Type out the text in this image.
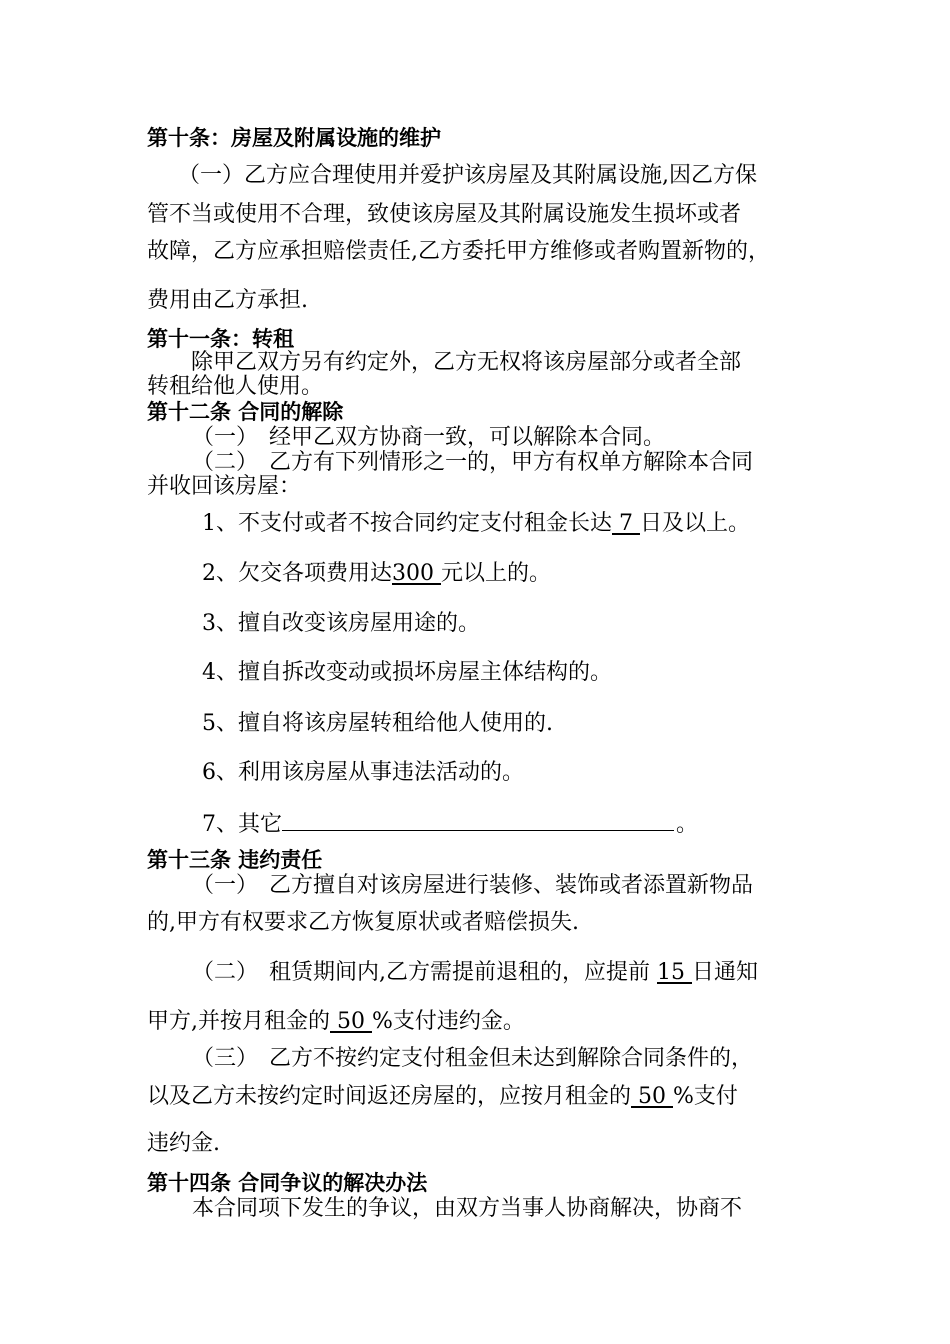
第十条：房屋及附属设施的维护
（一）乙方应合理使用并爱护该房屋及其附属设施,因乙方保
管不当或使用不合理，致使该房屋及其附属设施发生损坏或者
故障，乙方应承担赔偿责任,乙方委托甲方维修或者购置新物的，
费用由乙方承担.
第十一条：转租
除甲乙双方另有约定外，乙方无权将该房屋部分或者全部
转租给他人使用。
第十二条 合同的解除
（一）　经甲乙双方协商一致，可以解除本合同。
（二）　乙方有下列情形之一的，甲方有权单方解除本合同
并收回该房屋：
1、不支付或者不按合同约定支付租金长达 7 日及以上。
2、欠交各项费用达300 元以上的。
3、擅自改变该房屋用途的。
4、擅自拆改变动或损坏房屋主体结构的。
5、擅自将该房屋转租给他人使用的.
6、利用该房屋从事违法活动的。
7、其它	。
第十三条 违约责任
（一）　乙方擅自对该房屋进行装修、装饰或者添置新物品
的,甲方有权要求乙方恢复原状或者赔偿损失.
（二）　租赁期间内,乙方需提前退租的，应提前 15 日通知
甲方,并按月租金的 50 %支付违约金。
（三）　乙方不按约定支付租金但未达到解除合同条件的，
以及乙方未按约定时间返还房屋的，应按月租金的 50 %支付
违约金.
第十四条 合同争议的解决办法
本合同项下发生的争议，由双方当事人协商解决，协商不
